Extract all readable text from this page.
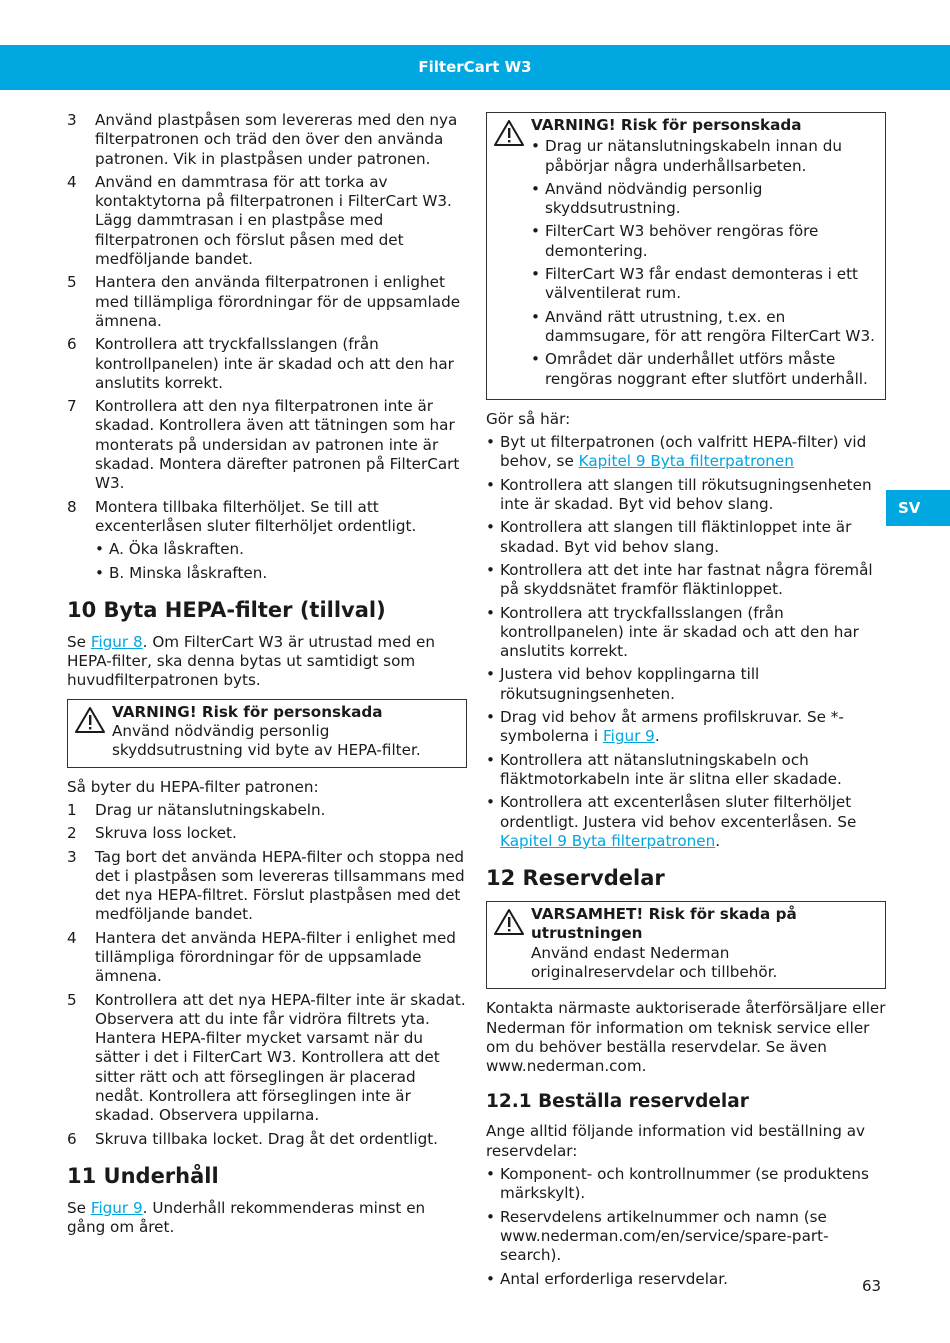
FilterCart W3
SV
3 Använd plastpåsen som levereras med den nya filterpatronen och träd den över den använda patronen. Vik in plastpåsen under patronen.
4 Använd en dammtrasa för att torka av kontaktytorna på filterpatronen i FilterCart W3. Lägg dammtrasan i en plastpåse med filterpatronen och förslut påsen med det medföljande bandet.
5 Hantera den använda filterpatronen i enlighet med tillämpliga förordningar för de uppsamlade ämnena.
6 Kontrollera att tryckfallsslangen (från kontrollpanelen) inte är skadad och att den har anslutits korrekt.
7 Kontrollera att den nya filterpatronen inte är skadad. Kontrollera även att tätningen som har monterats på undersidan av patronen inte är skadad. Montera därefter patronen på FilterCart W3.
8 Montera tillbaka filterhöljet. Se till att excenterlåsen sluter filterhöljet ordentligt.
• A. Öka låskraften.
• B. Minska låskraften.
10 Byta HEPA-filter (tillval)

Se Figur 8. Om FilterCart W3 är utrustad med en HEPA-filter, ska denna bytas ut samtidigt som huvudfilterpatronen byts.

VARNING! Risk för personskada
Använd nödvändig personlig skyddsutrustning vid byte av HEPA-filter.

Så byter du HEPA-filter patronen:

1 Drag ur nätanslutningskabeln.
2 Skruva loss locket.
3 Tag bort det använda HEPA-filter och stoppa ned det i plastpåsen som levereras tillsammans med det nya HEPA-filtret. Förslut plastpåsen med det medföljande bandet.
4 Hantera det använda HEPA-filter i enlighet med tillämpliga förordningar för de uppsamlade ämnena.
5 Kontrollera att det nya HEPA-filter inte är skadat. Observera att du inte får vidröra filtrets yta. Hantera HEPA-filter mycket varsamt när du sätter i det i FilterCart W3. Kontrollera att det sitter rätt och att förseglingen är placerad nedåt. Kontrollera att förseglingen inte är skadad. Observera uppilarna.
6 Skruva tillbaka locket. Drag åt det ordentligt.
11 Underhåll

Se Figur 9. Underhåll rekommenderas minst en gång om året.

VARNING! Risk för personskada
• Drag ur nätanslutningskabeln innan du påbörjar några underhållsarbeten.
• Använd nödvändig personlig skyddsutrustning.
• FilterCart W3 behöver rengöras före demontering.
• FilterCart W3 får endast demonteras i ett välventilerat rum.
• Använd rätt utrustning, t.ex. en dammsugare, för att rengöra FilterCart W3.
• Området där underhållet utförs måste rengöras noggrant efter slutfört underhåll.

Gör så här:

• Byt ut filterpatronen (och valfritt HEPA-filter) vid behov, se Kapitel 9 Byta filterpatronen
• Kontrollera att slangen till rökutsugningsenheten inte är skadad. Byt vid behov slang.
• Kontrollera att slangen till fläktinloppet inte är skadad. Byt vid behov slang.
• Kontrollera att det inte har fastnat några föremål på skyddsnätet framför fläktinloppet.
• Kontrollera att tryckfallsslangen (från kontrollpanelen) inte är skadad och att den har anslutits korrekt.
• Justera vid behov kopplingarna till rökutsugningsenheten.
• Drag vid behov åt armens profilskruvar. Se *-symbolerna i Figur 9.
• Kontrollera att nätanslutningskabeln och fläktmotorkabeln inte är slitna eller skadade.
• Kontrollera att excenterlåsen sluter filterhöljet ordentligt. Justera vid behov excenterlåsen. Se Kapitel 9 Byta filterpatronen.
12 Reservdelar
VARSAMHET! Risk för skada på utrustningen
Använd endast Nederman originalreservdelar och tillbehör.

Kontakta närmaste auktoriserade återförsäljare eller Nederman för information om teknisk service eller om du behöver beställa reservdelar. Se även www.nederman.com.

12.1 Beställa reservdelar

Ange alltid följande information vid beställning av reservdelar:

• Komponent- och kontrollnummer (se produktens märkskylt).
• Reservdelens artikelnummer och namn (se www.nederman.com/en/service/spare-part-search).
• Antal erforderliga reservdelar.	63
